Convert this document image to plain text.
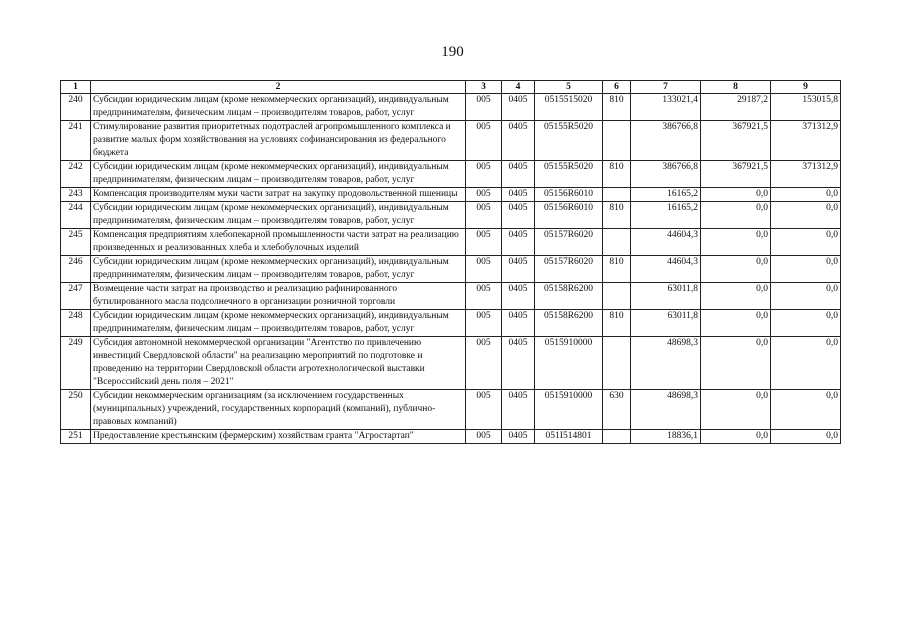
190
1	2	3	4	5	6	7	8	9
240	Субсидии юридическим лицам (кроме некоммерческих организаций), индивидуальным предпринимателям, физическим лицам – производителям товаров, работ, услуг	005	0405	0515515020	810	133021,4	29187,2	153015,8
241	Стимулирование развития приоритетных подотраслей агропромышленного комплекса и развитие малых форм хозяйствования на условиях софинансирования из федерального бюджета	005	0405	05155R5020		386766,8	367921,5	371312,9
242	Субсидии юридическим лицам (кроме некоммерческих организаций), индивидуальным предпринимателям, физическим лицам – производителям товаров, работ, услуг	005	0405	05155R5020	810	386766,8	367921,5	371312,9
243	Компенсация производителям муки части затрат на закупку продовольственной пшеницы	005	0405	05156R6010		16165,2	0,0	0,0
244	Субсидии юридическим лицам (кроме некоммерческих организаций), индивидуальным предпринимателям, физическим лицам – производителям товаров, работ, услуг	005	0405	05156R6010	810	16165,2	0,0	0,0
245	Компенсация предприятиям хлебопекарной промышленности части затрат на реализацию произведенных и реализованных хлеба и хлебобулочных изделий	005	0405	05157R6020		44604,3	0,0	0,0
246	Субсидии юридическим лицам (кроме некоммерческих организаций), индивидуальным предпринимателям, физическим лицам – производителям товаров, работ, услуг	005	0405	05157R6020	810	44604,3	0,0	0,0
247	Возмещение части затрат на производство и реализацию рафинированного бутилированного масла подсолнечного в организации розничной торговли	005	0405	05158R6200		63011,8	0,0	0,0
248	Субсидии юридическим лицам (кроме некоммерческих организаций), индивидуальным предпринимателям, физическим лицам – производителям товаров, работ, услуг	005	0405	05158R6200	810	63011,8	0,0	0,0
249	Субсидия автономной некоммерческой организации "Агентство по привлечению инвестиций Свердловской области" на реализацию мероприятий по подготовке и проведению на территории Свердловской области агротехнологической выставки "Всероссийский день поля – 2021"	005	0405	0515910000		48698,3	0,0	0,0
250	Субсидии некоммерческим организациям (за исключением государственных (муниципальных) учреждений, государственных корпораций (компаний), публично-правовых компаний)	005	0405	0515910000	630	48698,3	0,0	0,0
251	Предоставление крестьянским (фермерским) хозяйствам гранта "Агростартап"	005	0405	051I514801		18836,1	0,0	0,0
